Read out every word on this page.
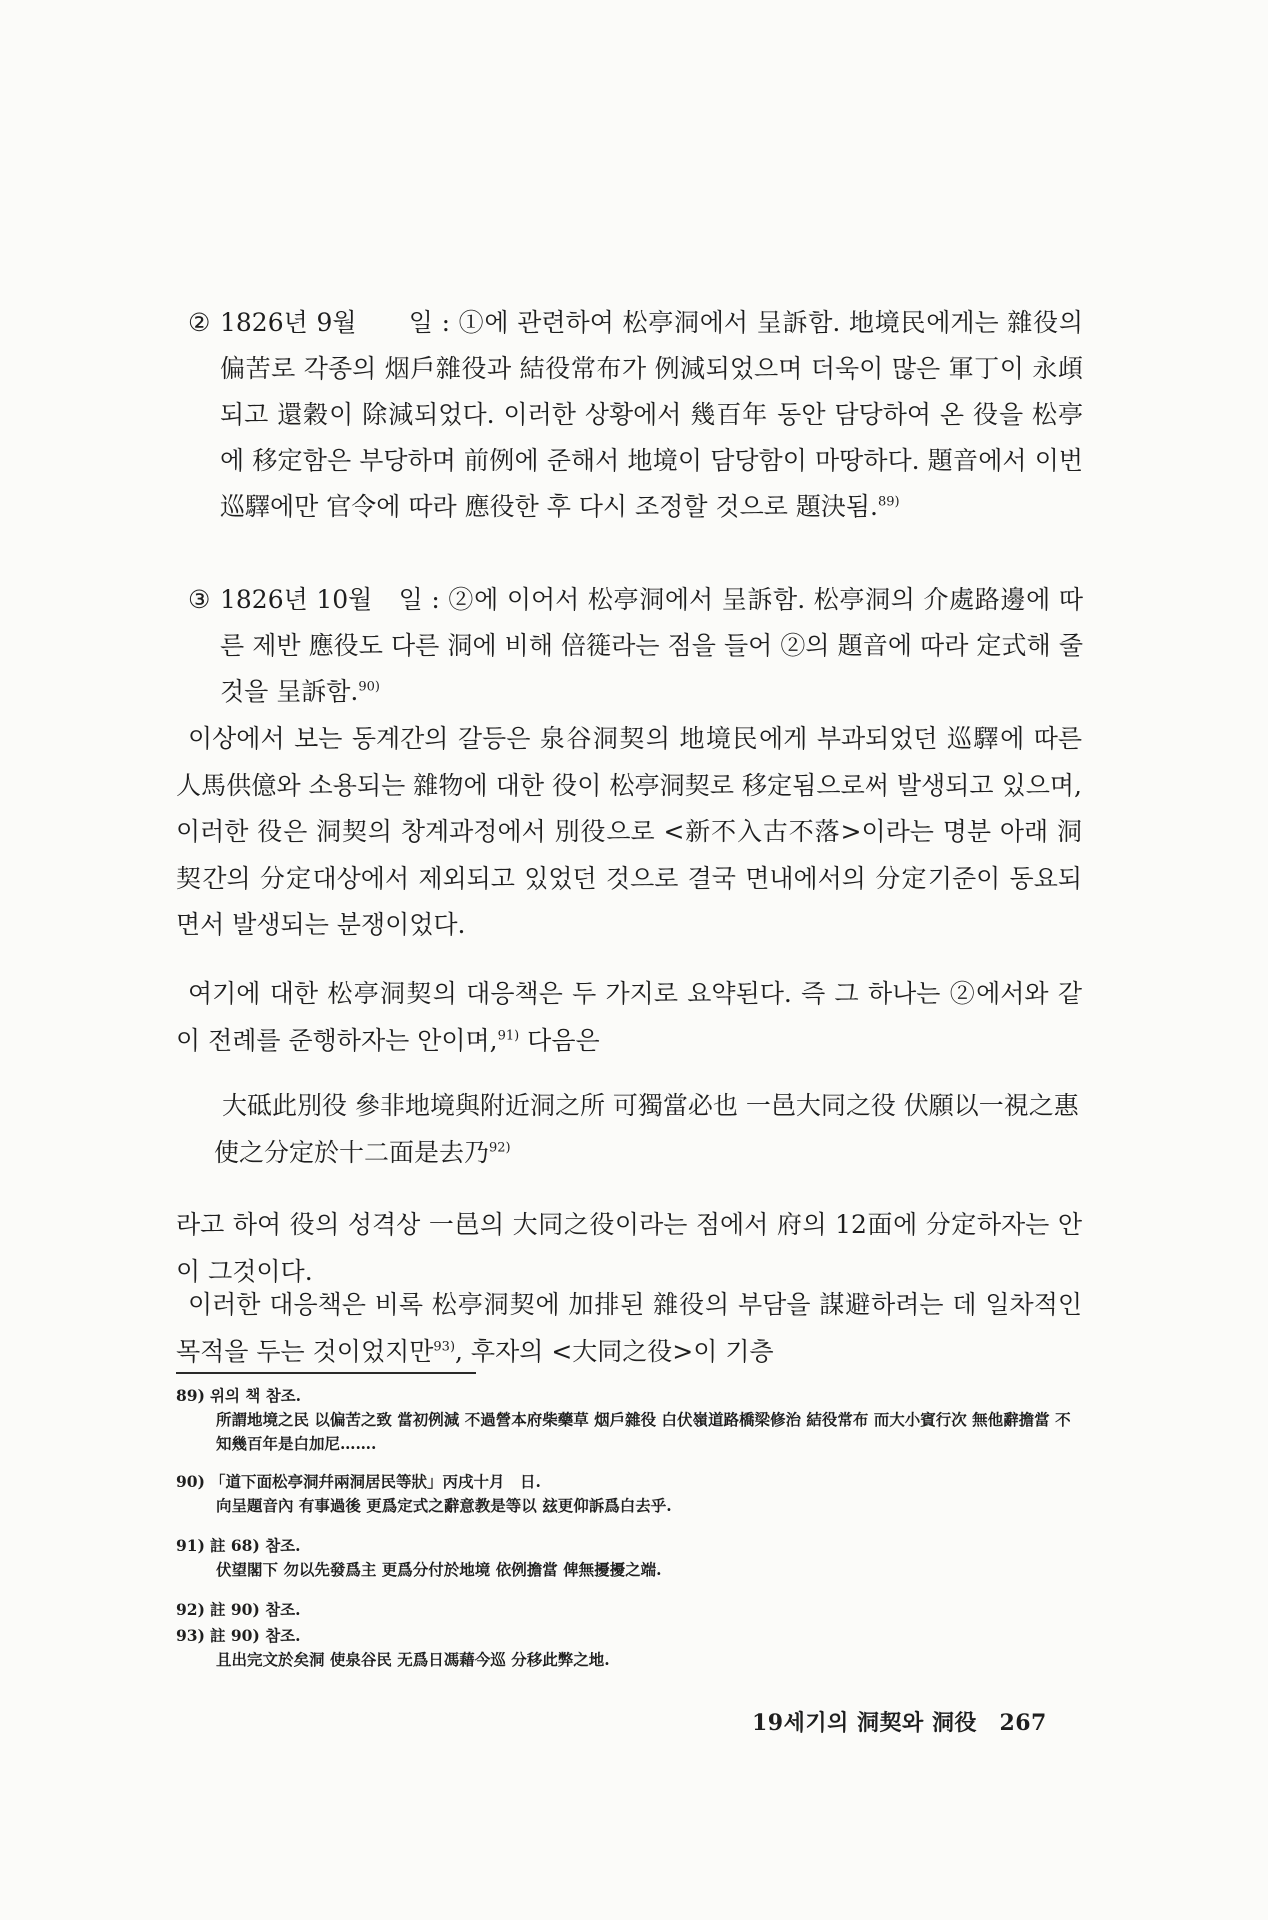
② 1826년 9월　　일 : ①에 관련하여 松亭洞에서 呈訴함. 地境民에게는 雜役의 偏苦로 각종의 烟戶雜役과 結役常布가 例減되었으며 더욱이 많은 軍丁이 永頉되고 還穀이 除減되었다. 이러한 상황에서 幾百年 동안 담당하여 온 役을 松亭에 移定함은 부당하며 前例에 준해서 地境이 담당함이 마땅하다. 題音에서 이번 巡驛에만 官令에 따라 應役한 후 다시 조정할 것으로 題決됨.$^{89)}$
③ 1826년 10월　일 : ②에 이어서 松亭洞에서 呈訴함. 松亭洞의 介處路邊에 따른 제반 應役도 다른 洞에 비해 倍簁라는 점을 들어 ②의 題音에 따라 定式해 줄 것을 呈訴함.$^{90)}$
이상에서 보는 동계간의 갈등은 泉谷洞契의 地境民에게 부과되었던 巡驛에 따른 人馬供億와 소용되는 雜物에 대한 役이 松亭洞契로 移定됨으로써 발생되고 있으며, 이러한 役은 洞契의 창계과정에서 別役으로 <新不入古不落>이라는 명분 아래 洞契간의 分定대상에서 제외되고 있었던 것으로 결국 면내에서의 分定기준이 동요되면서 발생되는 분쟁이었다.
여기에 대한 松亭洞契의 대응책은 두 가지로 요약된다. 즉 그 하나는 ②에서와 같이 전례를 준행하자는 안이며,$^{91)}$ 다음은
大砥此別役 參非地境與附近洞之所 可獨當必也 一邑大同之役 伏願以一視之惠使之分定於十二面是去乃$^{92)}$
라고 하여 役의 성격상 一邑의 大同之役이라는 점에서 府의 12面에 分定하자는 안이 그것이다.
이러한 대응책은 비록 松亭洞契에 加排된 雜役의 부담을 謀避하려는 데 일차적인 목적을 두는 것이었지만$^{93)}$, 후자의 <大同之役>이 기층
89) 위의 책 참조.
所謂地境之民 以偏苦之致 當初例減 不過營本府柴藥草 烟戶雜役 白伏嶺道路橋梁修治 結役常布 而大小賓行次 無他辭擔當 不知幾百年是白加尼…….
90) 「道下面松亭洞幷兩洞居民等狀」丙戌十月　日.
向呈題音內 有事過後 更爲定式之辭意教是等以 玆更仰訴爲白去乎.
91) 註 68) 참조.
伏望閣下 勿以先發爲主 更爲分付於地境 依例擔當 俾無擾擾之端.
92) 註 90) 참조.
93) 註 90) 참조.
且出完文於矣洞 使泉谷民 无爲日馮藉今巡 分移此弊之地.
19세기의 洞契와 洞役　267
